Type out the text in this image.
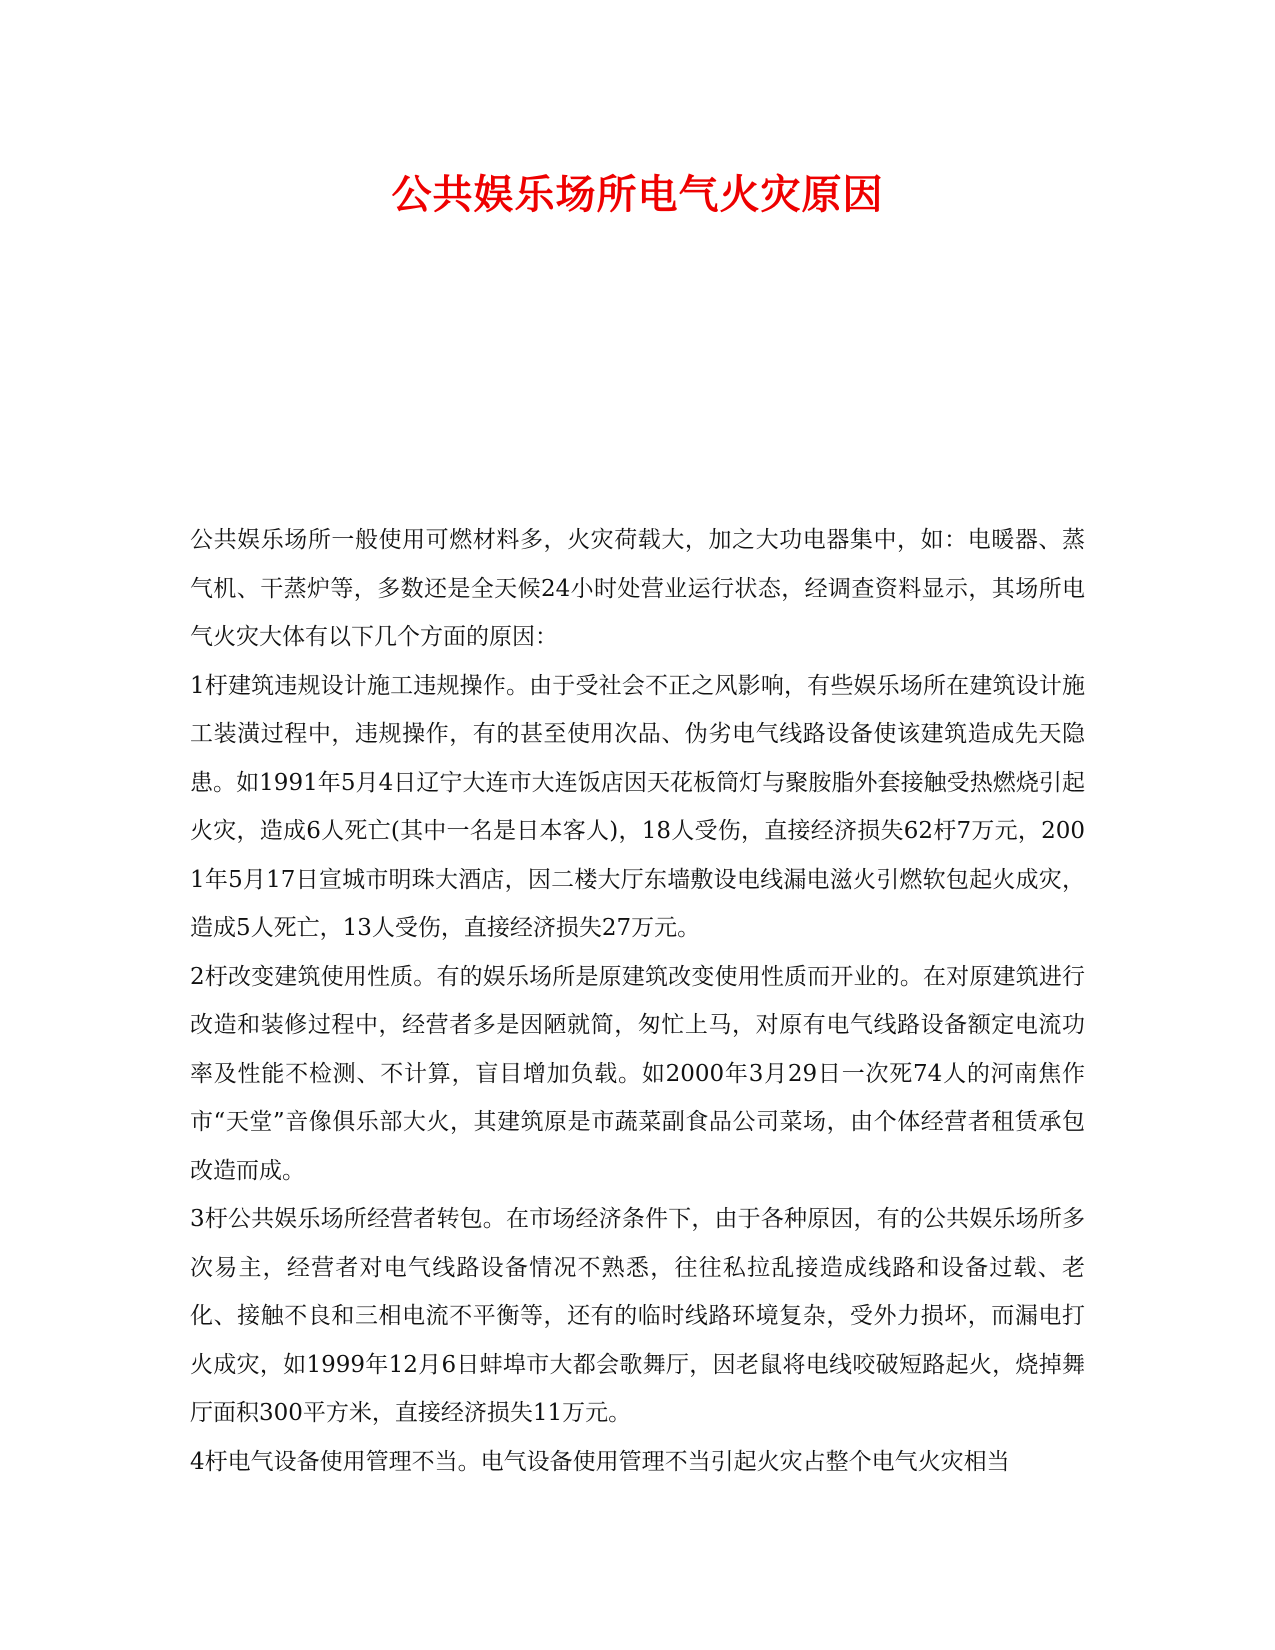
公共娱乐场所电气火灾原因

公共娱乐场所一般使用可燃材料多，火灾荷载大，加之大功电器集中，如：电暖器、蒸气机、干蒸炉等，多数还是全天候24小时处营业运行状态，经调查资料显示，其场所电气火灾大体有以下几个方面的原因：

1杅建筑违规设计施工违规操作。由于受社会不正之风影响，有些娱乐场所在建筑设计施工装潢过程中，违规操作，有的甚至使用次品、伪劣电气线路设备使该建筑造成先天隐患。如1991年5月4日辽宁大连市大连饭店因天花板筒灯与聚胺脂外套接触受热燃烧引起火灾，造成6人死亡(其中一名是日本客人)，18人受伤，直接经济损失62杅7万元，2001年5月17日宣城市明珠大酒店，因二楼大厅东墙敷设电线漏电滋火引燃软包起火成灾，造成5人死亡，13人受伤，直接经济损失27万元。

2杅改变建筑使用性质。有的娱乐场所是原建筑改变使用性质而开业的。在对原建筑进行改造和装修过程中，经营者多是因陋就简，匆忙上马，对原有电气线路设备额定电流功率及性能不检测、不计算，盲目增加负载。如2000年3月29日一次死74人的河南焦作市“天堂”音像俱乐部大火，其建筑原是市蔬菜副食品公司菜场，由个体经营者租赁承包改造而成。

3杅公共娱乐场所经营者转包。在市场经济条件下，由于各种原因，有的公共娱乐场所多次易主，经营者对电气线路设备情况不熟悉，往往私拉乱接造成线路和设备过载、老化、接触不良和三相电流不平衡等，还有的临时线路环境复杂，受外力损坏，而漏电打火成灾，如1999年12月6日蚌埠市大都会歌舞厅，因老鼠将电线咬破短路起火，烧掉舞厅面积300平方米，直接经济损失11万元。

4杅电气设备使用管理不当。电气设备使用管理不当引起火灾占整个电气火灾相当
